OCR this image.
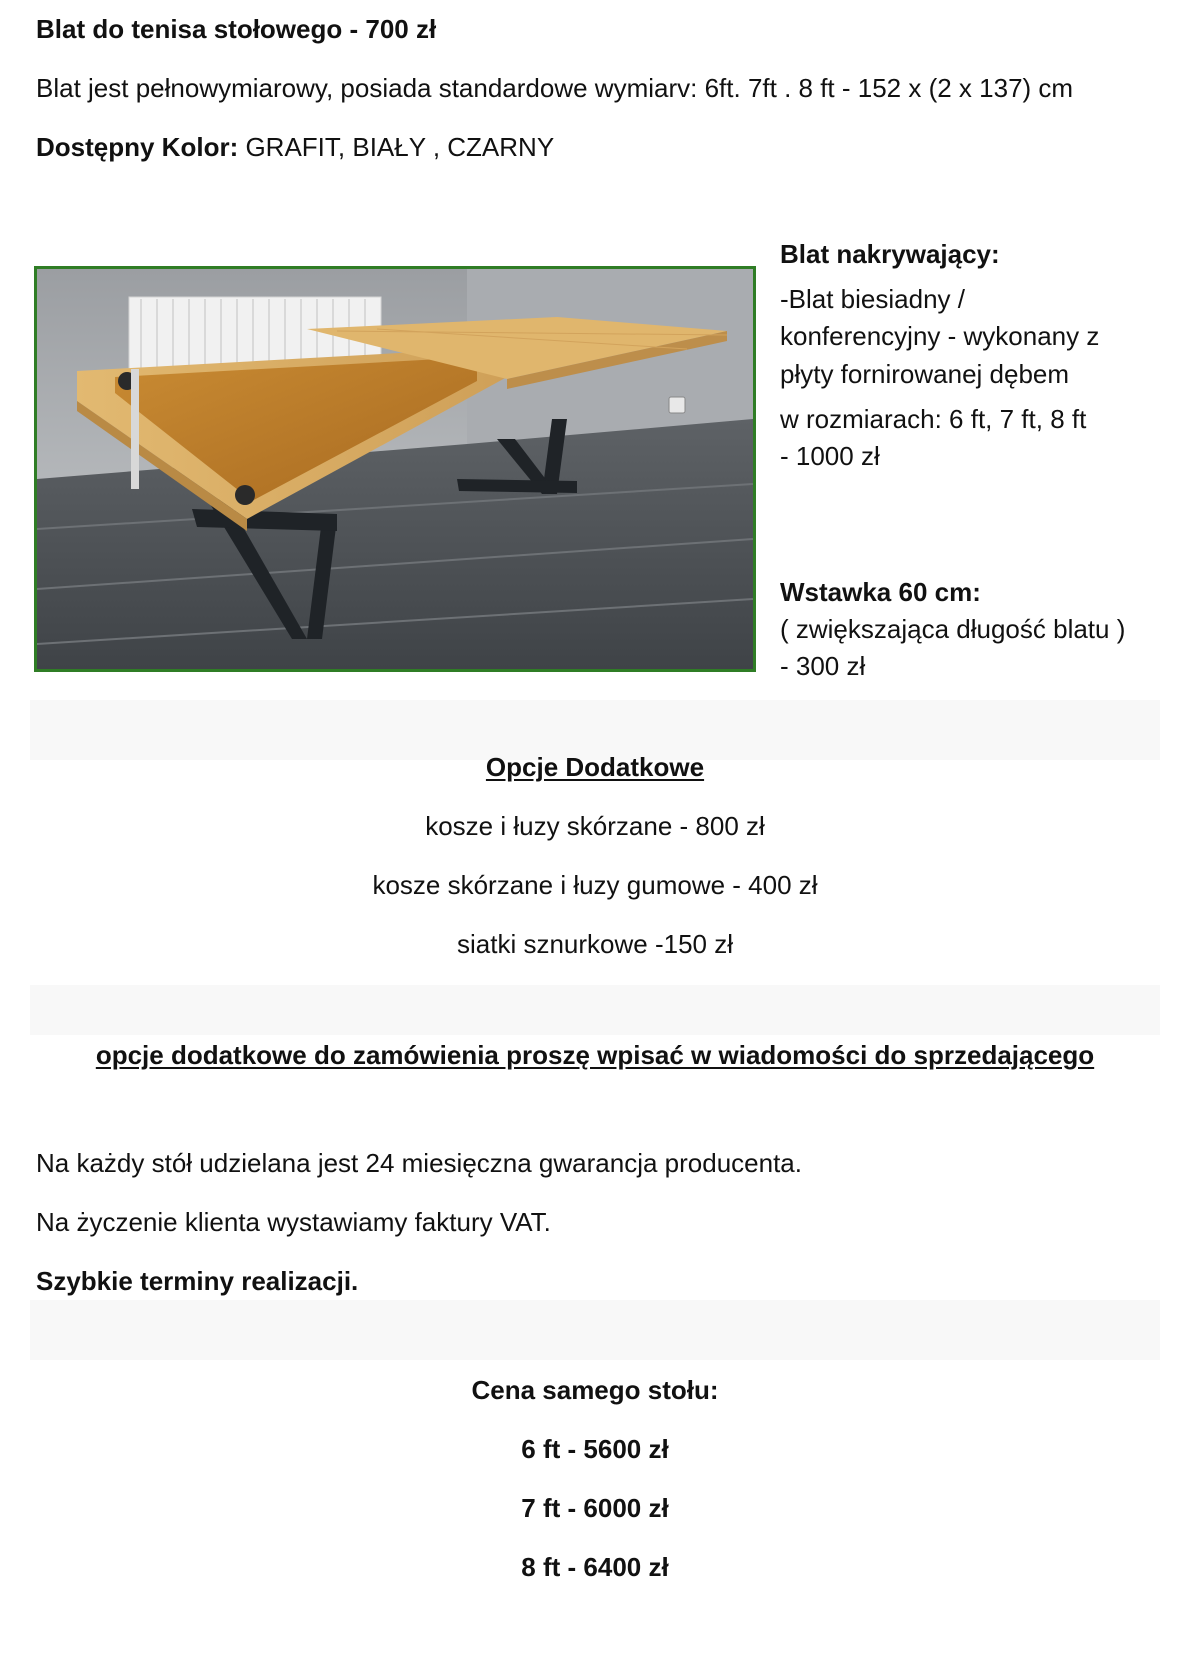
Blat do tenisa stołowego - 700 zł
Blat jest pełnowymiarowy, posiada standardowe wymiarv: 6ft. 7ft . 8 ft - 152 x (2 x 137) cm
Dostępny Kolor: GRAFIT, BIAŁY , CZARNY

Blat nakrywający:

-Blat biesiadny /

konferencyjny - wykonany z

płyty fornirowanej dębem

w rozmiarach: 6 ft, 7 ft, 8 ft

- 1000 zł

Wstawka 60 cm:

( zwiększająca długość blatu )

- 300 zł

Opcje Dodatkowe
kosze i łuzy skórzane - 800 zł
kosze skórzane i łuzy gumowe - 400 zł
siatki sznurkowe -150 zł
opcje dodatkowe do zamówienia proszę wpisać w wiadomości do sprzedającego
Na każdy stół udzielana jest 24 miesięczna gwarancja producenta.
Na życzenie klienta wystawiamy faktury VAT.
Szybkie terminy realizacji.
Cena samego stołu:
6 ft - 5600 zł
7 ft - 6000 zł
8 ft - 6400 zł
